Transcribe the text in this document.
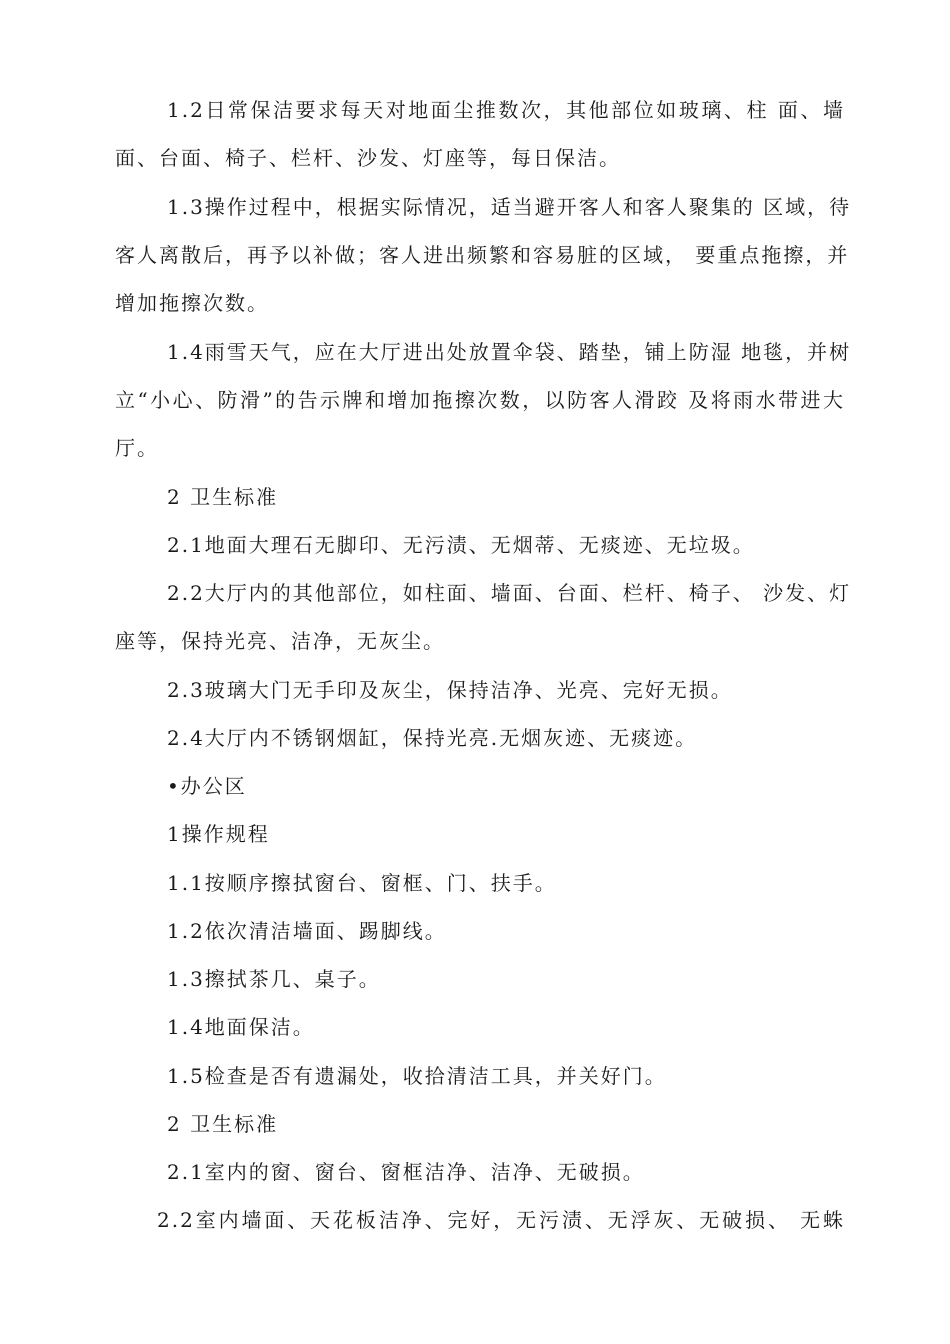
1.2日常保洁要求每天对地面尘推数次，其他部位如玻璃、柱 面、墙
面、台面、椅子、栏杆、沙发、灯座等，每日保洁。
1.3操作过程中，根据实际情况，适当避开客人和客人聚集的 区域，待
客人离散后，再予以补做；客人进出频繁和容易脏的区域， 要重点拖擦，并
增加拖擦次数。
1.4雨雪天气，应在大厅进出处放置伞袋、踏垫，铺上防湿 地毯，并树
立“小心、防滑”的告示牌和增加拖擦次数，以防客人滑跤 及将雨水带进大
厅。
2 卫生标准
2.1地面大理石无脚印、无污渍、无烟蒂、无痰迹、无垃圾。
2.2大厅内的其他部位，如柱面、墙面、台面、栏杆、椅子、 沙发、灯
座等，保持光亮、洁净，无灰尘。
2.3玻璃大门无手印及灰尘，保持洁净、光亮、完好无损。
2.4大厅内不锈钢烟缸，保持光亮.无烟灰迹、无痰迹。
•办公区
1操作规程
1.1按顺序擦拭窗台、窗框、门、扶手。
1.2依次清洁墙面、踢脚线。
1.3擦拭茶几、桌子。
1.4地面保洁。
1.5检查是否有遗漏处，收拾清洁工具，并关好门。
2 卫生标准
2.1室内的窗、窗台、窗框洁净、洁净、无破损。
2.2室内墙面、天花板洁净、完好，无污渍、无浮灰、无破损、 无蛛
